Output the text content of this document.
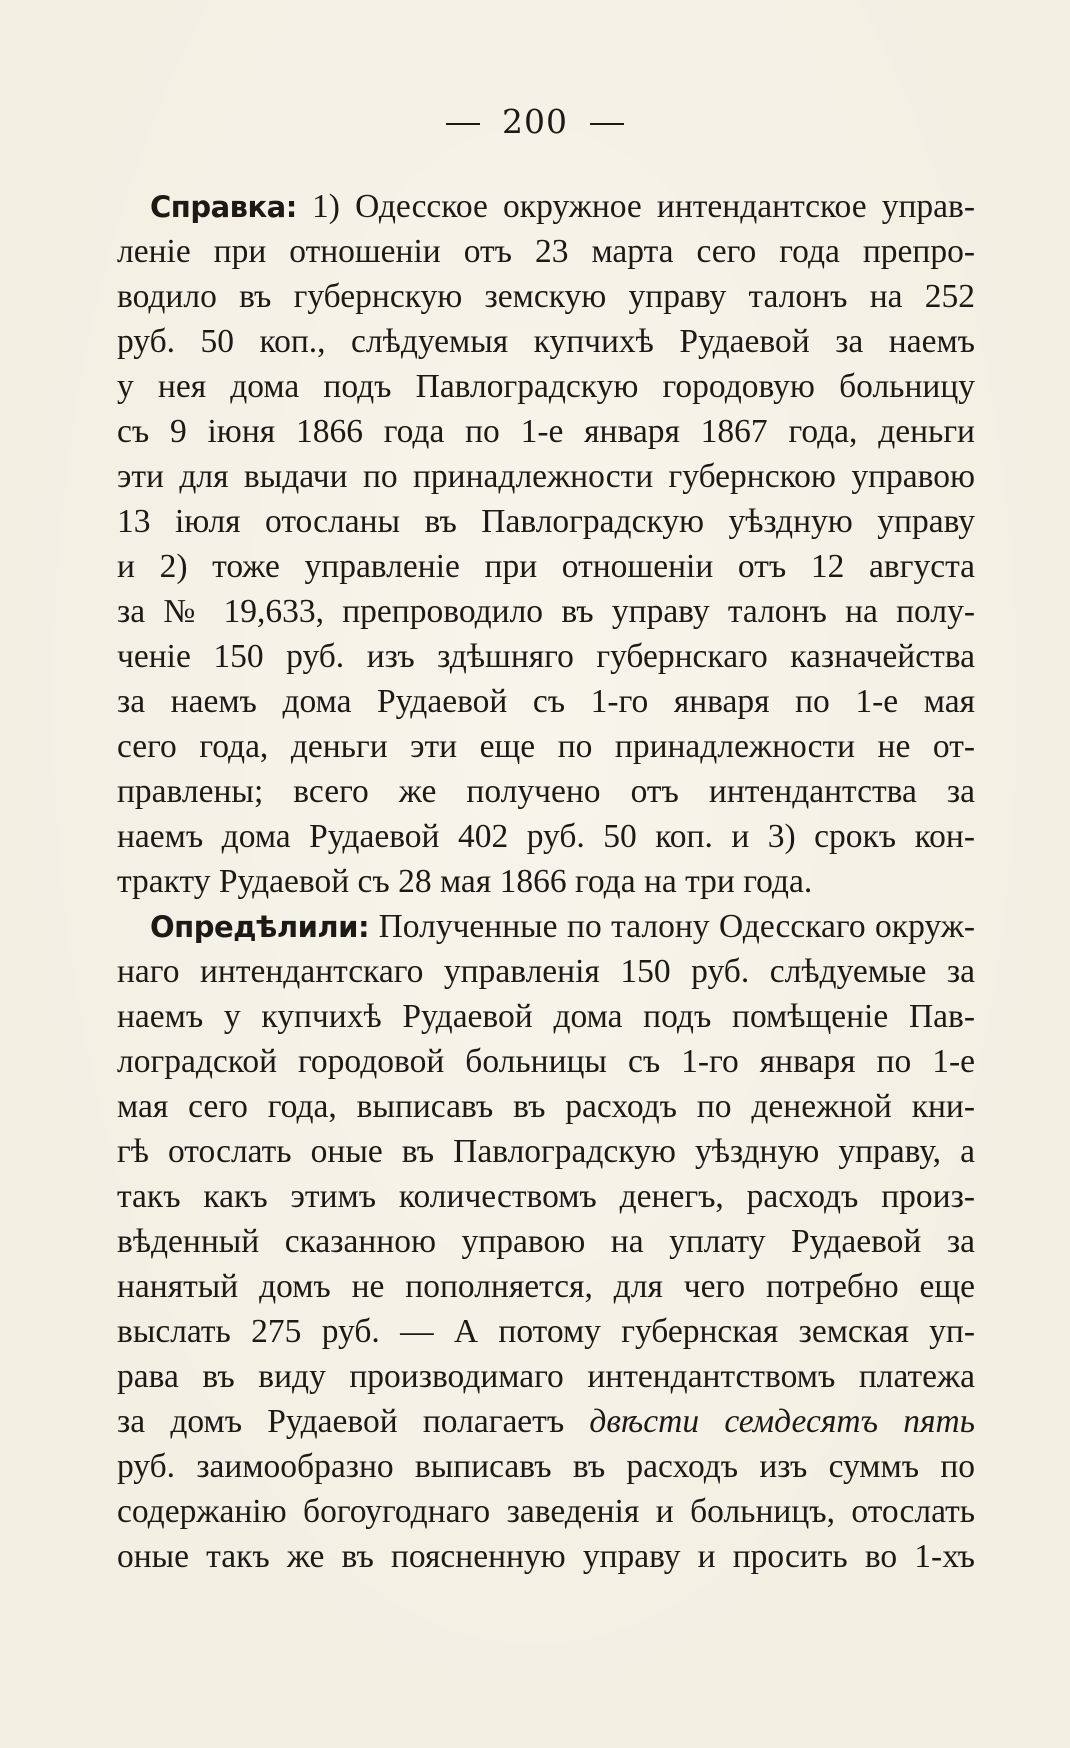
200
Справка: 1) Одесское окружное интендантское управ-
леніе при отношеніи отъ 23 марта сего года препро-
водило въ губернскую земскую управу талонъ на 252
руб. 50 коп., слѣдуемыя купчихѣ Рудаевой за наемъ
у нея дома подъ Павлоградскую городовую больницу
съ 9 іюня 1866 года по 1-е января 1867 года, деньги
эти для выдачи по принадлежности губернскою управою
13 іюля отосланы въ Павлоградскую уѣздную управу
и 2) тоже управленіе при отношеніи отъ 12 августа
за № 19,633, препроводило въ управу талонъ на полу-
ченіе 150 руб. изъ здѣшняго губернскаго казначейства
за наемъ дома Рудаевой съ 1-го января по 1-е мая
сего года, деньги эти еще по принадлежности не от-
правлены; всего же получено отъ интендантства за
наемъ дома Рудаевой 402 руб. 50 коп. и 3) срокъ кон-
тракту Рудаевой съ 28 мая 1866 года на три года.
Опредѣлили: Полученные по талону Одесскаго окруж-
наго интендантскаго управленія 150 руб. слѣдуемые за
наемъ у купчихѣ Рудаевой дома подъ помѣщеніе Пав-
лоградской городовой больницы съ 1-го января по 1-е
мая сего года, выписавъ въ расходъ по денежной кни-
гѣ отослать оные въ Павлоградскую уѣздную управу, а
такъ какъ этимъ количествомъ денегъ, расходъ произ-
вѣденный сказанною управою на уплату Рудаевой за
нанятый домъ не пополняется, для чего потребно еще
выслать 275 руб. — А потому губернская земская уп-
рава въ виду производимаго интендантствомъ платежа
за домъ Рудаевой полагаетъ двѣсти семдесятъ пять
руб. заимообразно выписавъ въ расходъ изъ суммъ по
содержанію богоугоднаго заведенія и больницъ, отослать
оные такъ же въ поясненную управу и просить во 1-хъ
